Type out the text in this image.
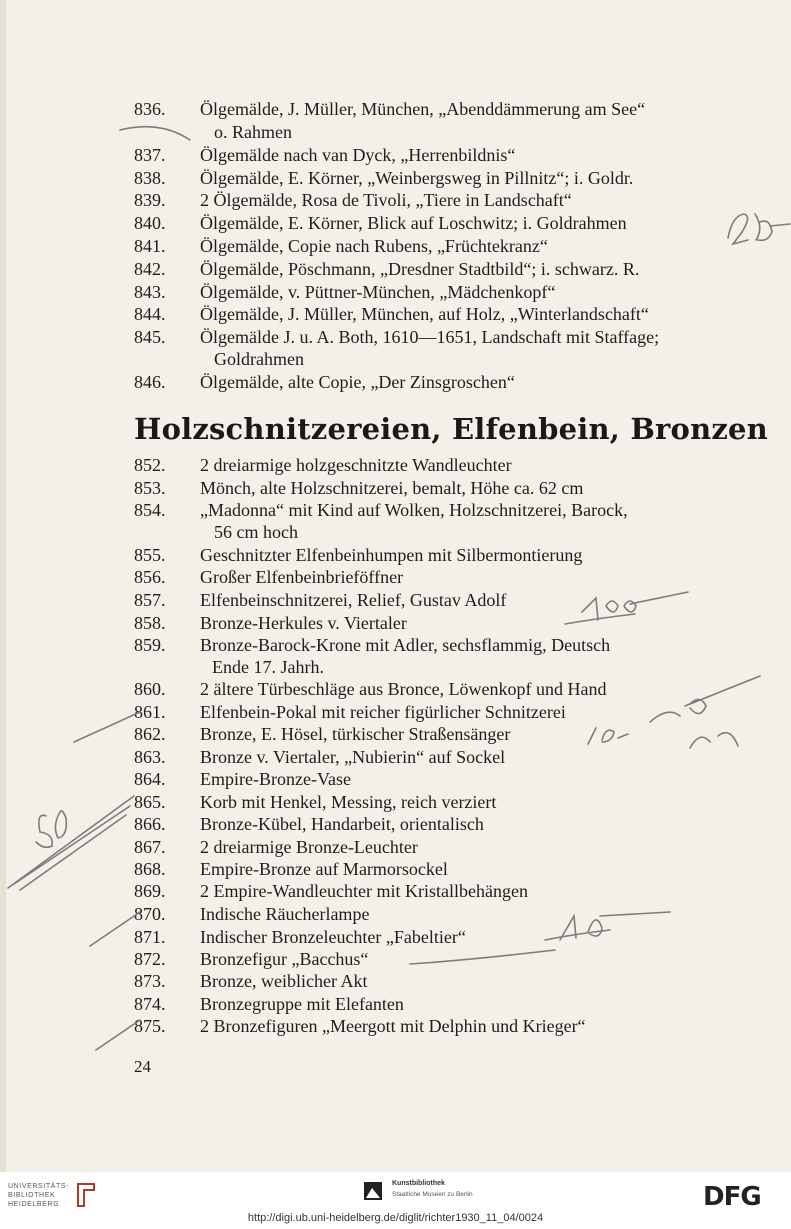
836.	Ölgemälde, J. Müller, München, „Abenddämmerung am See“
o. Rahmen
837.	Ölgemälde nach van Dyck, „Herrenbildnis“
838.	Ölgemälde, E. Körner, „Weinbergsweg in Pillnitz“; i. Goldr.
839.	2 Ölgemälde, Rosa de Tivoli, „Tiere in Landschaft“
840.	Ölgemälde, E. Körner, Blick auf Loschwitz; i. Goldrahmen
841.	Ölgemälde, Copie nach Rubens, „Früchtekranz“
842.	Ölgemälde, Pöschmann, „Dresdner Stadtbild“; i. schwarz. R.
843.	Ölgemälde, v. Püttner-München, „Mädchenkopf“
844.	Ölgemälde, J. Müller, München, auf Holz, „Winterlandschaft“
845.	Ölgemälde J. u. A. Both, 1610—1651, Landschaft mit Staffage;
Goldrahmen
846.	Ölgemälde, alte Copie, „Der Zinsgroschen“
Holzschnitzereien, Elfenbein, Bronzen
852.	2 dreiarmige holzgeschnitzte Wandleuchter
853.	Mönch, alte Holzschnitzerei, bemalt, Höhe ca. 62 cm
854.	„Madonna“ mit Kind auf Wolken, Holzschnitzerei, Barock,
56 cm hoch
855.	Geschnitzter Elfenbeinhumpen mit Silbermontierung
856.	Großer Elfenbeinbrieföffner
857.	Elfenbeinschnitzerei, Relief, Gustav Adolf
858.	Bronze-Herkules v. Viertaler
859.	Bronze-Barock-Krone mit Adler, sechsflammig, Deutsch
Ende 17. Jahrh.
860.	2 ältere Türbeschläge aus Bronce, Löwenkopf und Hand
861.	Elfenbein-Pokal mit reicher figürlicher Schnitzerei
862.	Bronze, E. Hösel, türkischer Straßensänger
863.	Bronze v. Viertaler, „Nubierin“ auf Sockel
864.	Empire-Bronze-Vase
865.	Korb mit Henkel, Messing, reich verziert
866.	Bronze-Kübel, Handarbeit, orientalisch
867.	2 dreiarmige Bronze-Leuchter
868.	Empire-Bronze auf Marmorsockel
869.	2 Empire-Wandleuchter mit Kristallbehängen
870.	Indische Räucherlampe
871.	Indischer Bronzeleuchter „Fabeltier“
872.	Bronzefigur „Bacchus“
873.	Bronze, weiblicher Akt
874.	Bronzegruppe mit Elefanten
875.	2 Bronzefiguren „Meergott mit Delphin und Krieger“
24
UNIVERSITÄTS-
BIBLIOTHEK
HEIDELBERG
Kunstbibliothek
Staatliche Museen zu Berlin	DFG
http://digi.ub.uni-heidelberg.de/diglit/richter1930_11_04/0024
